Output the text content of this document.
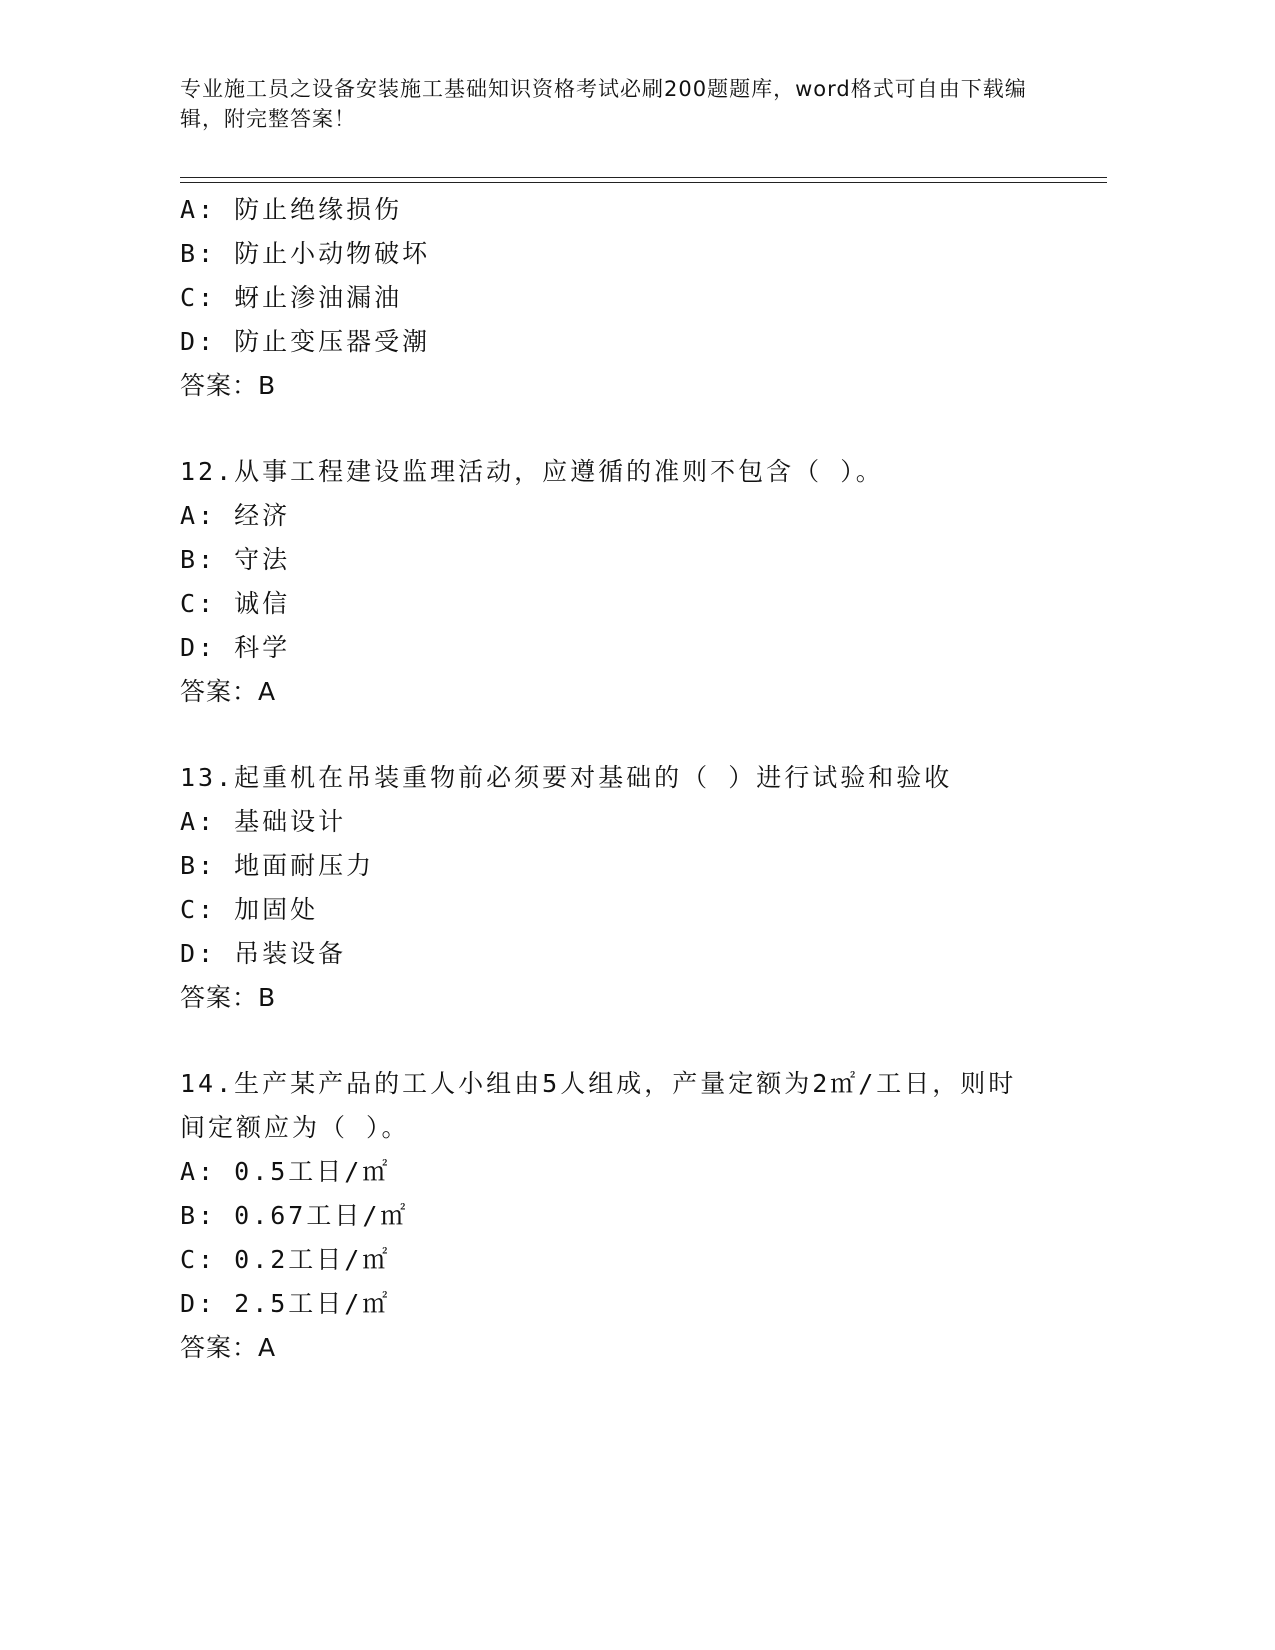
专业施工员之设备安装施工基础知识资格考试必刷200题题库，word格式可自由下载编辑，附完整答案！
A: 防止绝缘损伤
B: 防止小动物破坏
C: 蚜止渗油漏油
D: 防止变压器受潮
答案：B
12.从事工程建设监理活动，应遵循的准则不包含（ ）。
A: 经济
B: 守法
C: 诚信
D: 科学
答案：A
13.起重机在吊装重物前必须要对基础的（ ）进行试验和验收
A: 基础设计
B: 地面耐压力
C: 加固处
D: 吊装设备
答案：B
14.生产某产品的工人小组由5人组成，产量定额为2㎡/工日，则时间定额应为（ ）。
A: 0.5工日/㎡
B: 0.67工日/㎡
C: 0.2工日/㎡
D: 2.5工日/㎡
答案：A
